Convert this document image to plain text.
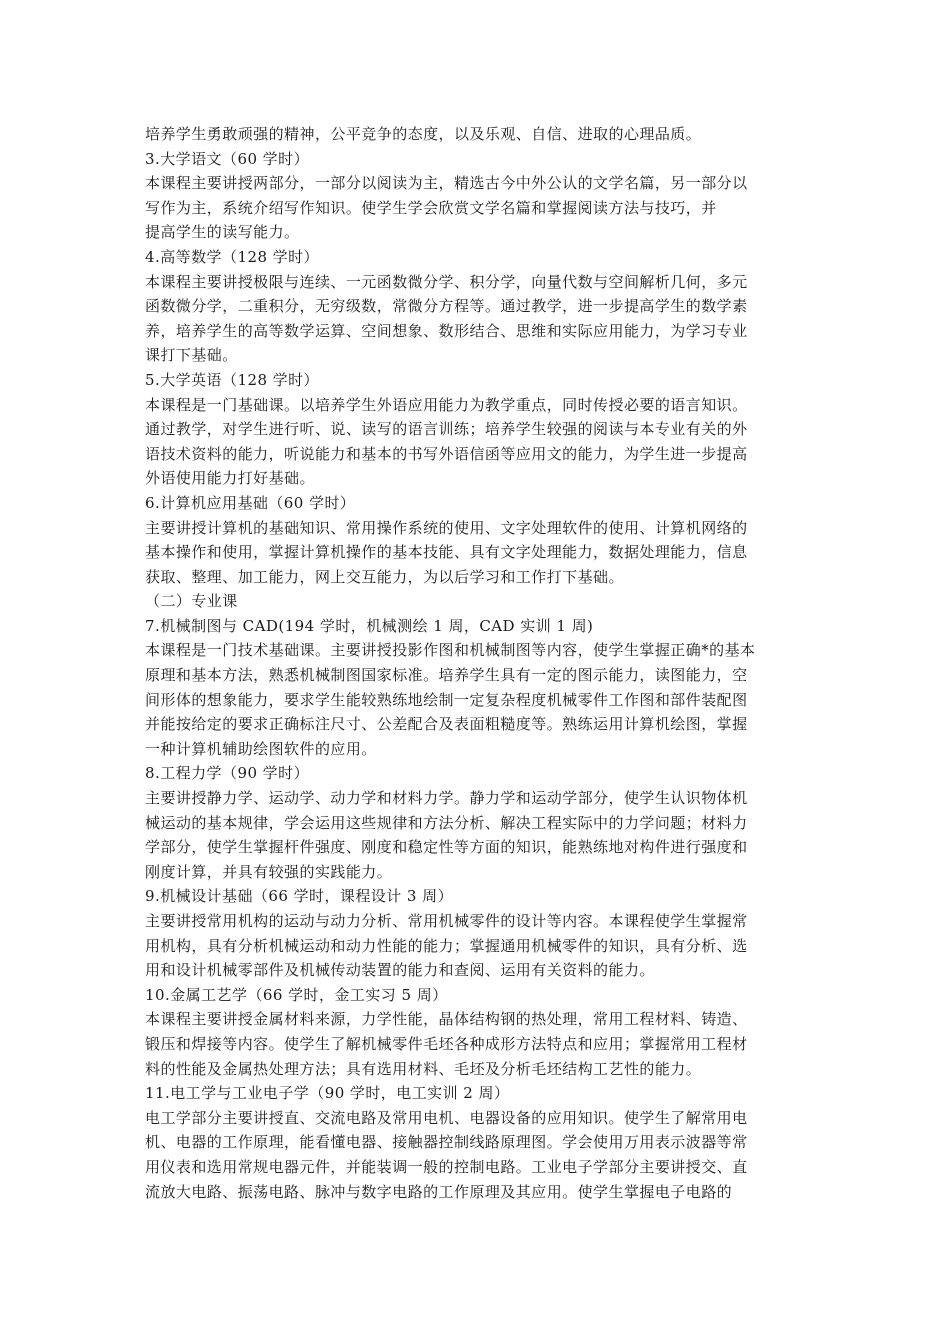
培养学生勇敢顽强的精神，公平竞争的态度，以及乐观、自信、进取的心理品质。
3.大学语文（60 学时）
本课程主要讲授两部分，一部分以阅读为主，精选古今中外公认的文学名篇，另一部分以
写作为主，系统介绍写作知识。使学生学会欣赏文学名篇和掌握阅读方法与技巧，并
提高学生的读写能力。
4.高等数学（128 学时）
本课程主要讲授极限与连续、一元函数微分学、积分学，向量代数与空间解析几何，多元
函数微分学，二重积分，无穷级数，常微分方程等。通过教学，进一步提高学生的数学素
养，培养学生的高等数学运算、空间想象、数形结合、思维和实际应用能力，为学习专业
课打下基础。
5.大学英语（128 学时）
本课程是一门基础课。以培养学生外语应用能力为教学重点，同时传授必要的语言知识。
通过教学，对学生进行听、说、读写的语言训练；培养学生较强的阅读与本专业有关的外
语技术资料的能力，听说能力和基本的书写外语信函等应用文的能力，为学生进一步提高
外语使用能力打好基础。
6.计算机应用基础（60 学时）
主要讲授计算机的基础知识、常用操作系统的使用、文字处理软件的使用、计算机网络的
基本操作和使用，掌握计算机操作的基本技能、具有文字处理能力，数据处理能力，信息
获取、整理、加工能力，网上交互能力，为以后学习和工作打下基础。
（二）专业课
7.机械制图与 CAD(194 学时，机械测绘 1 周，CAD 实训 1 周)
本课程是一门技术基础课。主要讲授投影作图和机械制图等内容，使学生掌握正确*的基本
原理和基本方法，熟悉机械制图国家标准。培养学生具有一定的图示能力，读图能力，空
间形体的想象能力，要求学生能较熟练地绘制一定复杂程度机械零件工作图和部件装配图
并能按给定的要求正确标注尺寸、公差配合及表面粗糙度等。熟练运用计算机绘图，掌握
一种计算机辅助绘图软件的应用。
8.工程力学（90 学时）
主要讲授静力学、运动学、动力学和材料力学。静力学和运动学部分，使学生认识物体机
械运动的基本规律，学会运用这些规律和方法分析、解决工程实际中的力学问题；材料力
学部分，使学生掌握杆件强度、刚度和稳定性等方面的知识，能熟练地对构件进行强度和
刚度计算，并具有较强的实践能力。
9.机械设计基础（66 学时，课程设计 3 周）
主要讲授常用机构的运动与动力分析、常用机械零件的设计等内容。本课程使学生掌握常
用机构，具有分析机械运动和动力性能的能力；掌握通用机械零件的知识，具有分析、选
用和设计机械零部件及机械传动装置的能力和查阅、运用有关资料的能力。
10.金属工艺学（66 学时，金工实习 5 周）
本课程主要讲授金属材料来源，力学性能，晶体结构钢的热处理，常用工程材料、铸造、
锻压和焊接等内容。使学生了解机械零件毛坯各种成形方法特点和应用；掌握常用工程材
料的性能及金属热处理方法；具有选用材料、毛坯及分析毛坯结构工艺性的能力。
11.电工学与工业电子学（90 学时，电工实训 2 周）
电工学部分主要讲授直、交流电路及常用电机、电器设备的应用知识。使学生了解常用电
机、电器的工作原理，能看懂电器、接触器控制线路原理图。学会使用万用表示波器等常
用仪表和选用常规电器元件，并能装调一般的控制电路。工业电子学部分主要讲授交、直
流放大电路、振荡电路、脉冲与数字电路的工作原理及其应用。使学生掌握电子电路的
